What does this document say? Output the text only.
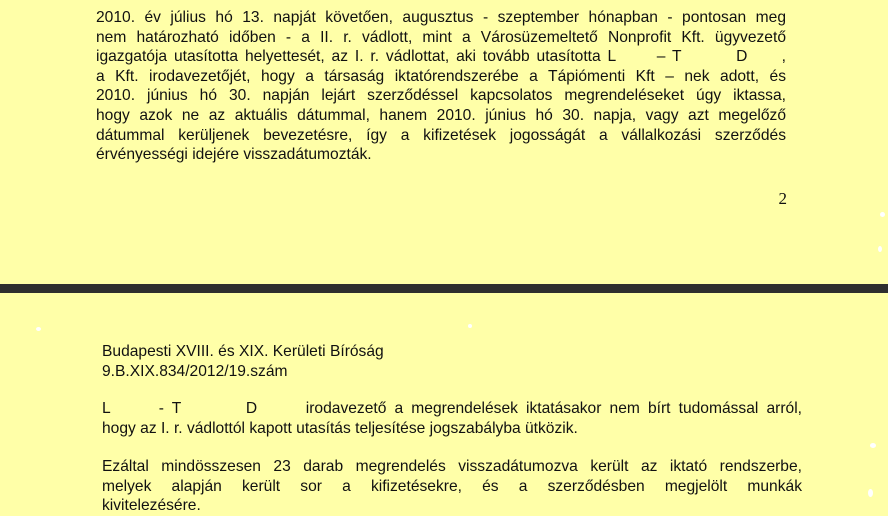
2010. év július hó 13. napját követően, augusztus - szeptember hónapban - pontosan meg
nem határozható időben - a II. r. vádlott, mint a Városüzemeltető Nonprofit Kft. ügyvezető
igazgatója utasította helyettesét, az I. r. vádlottat, aki tovább utasította L      – T        D     ,
a Kft. irodavezetőjét, hogy a társaság iktatórendszerébe a Tápiómenti Kft – nek adott, és
2010. június hó 30. napján lejárt szerződéssel kapcsolatos megrendeléseket úgy iktassa,
hogy azok ne az aktuális dátummal, hanem 2010. június hó 30. napja, vagy azt megelőző
dátummal kerüljenek bevezetésre, így a kifizetések jogosságát a vállalkozási szerződés
érvényességi idejére visszadátumozták.
2
Budapesti XVIII. és XIX. Kerületi Bíróság
9.B.XIX.834/2012/19.szám
L      - T        D      irodavezető a megrendelések iktatásakor nem bírt tudomással arról,
hogy az I. r. vádlottól kapott utasítás teljesítése jogszabályba ütközik.
Ezáltal mindösszesen 23 darab megrendelés visszadátumozva került az iktató rendszerbe,
melyek alapján került sor a kifizetésekre, és a szerződésben megjelölt munkák
kivitelezésére.
